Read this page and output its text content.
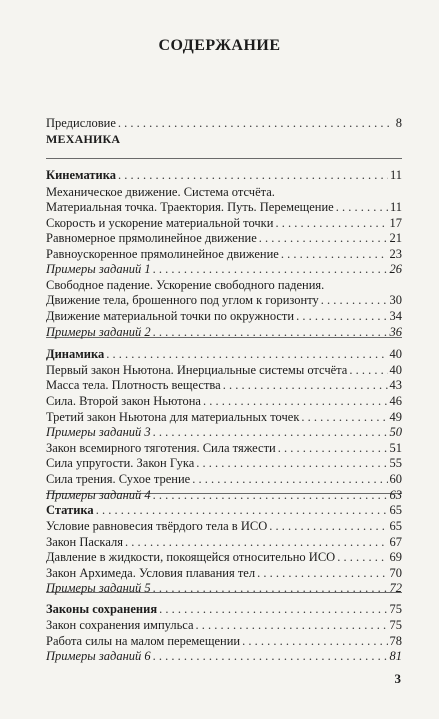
СОДЕРЖАНИЕ
Предисловие . . .	8
МЕХАНИКА
Кинематика . . .	11
Механическое движение. Система отсчёта.
Материальная точка. Траектория. Путь. Перемещение . . .	11
Скорость и ускорение материальной точки . . .	17
Равномерное прямолинейное движение . . .	21
Равноускоренное прямолинейное движение . . .	23
Примеры заданий 1 . . .	26
Свободное падение. Ускорение свободного падения.
Движение тела, брошенного под углом к горизонту . . .	30
Движение материальной точки по окружности . . .	34
Примеры заданий 2 . . .	36
Динамика . . .	40
Первый закон Ньютона. Инерциальные системы отсчёта . . .	40
Масса тела. Плотность вещества . . .	43
Сила. Второй закон Ньютона . . .	46
Третий закон Ньютона для материальных точек . . .	49
Примеры заданий 3 . . .	50
Закон всемирного тяготения. Сила тяжести . . .	51
Сила упругости. Закон Гука . . .	55
Сила трения. Сухое трение . . .	60
Примеры заданий 4 . . .	63
Статика . . .	65
Условие равновесия твёрдого тела в ИСО . . .	65
Закон Паскаля . . .	67
Давление в жидкости, покоящейся относительно ИСО . . .	69
Закон Архимеда. Условия плавания тел . . .	70
Примеры заданий 5 . . .	72
Законы сохранения . . .	75
Закон сохранения импульса . . .	75
Работа силы на малом перемещении . . .	78
Примеры заданий 6 . . .	81
3
